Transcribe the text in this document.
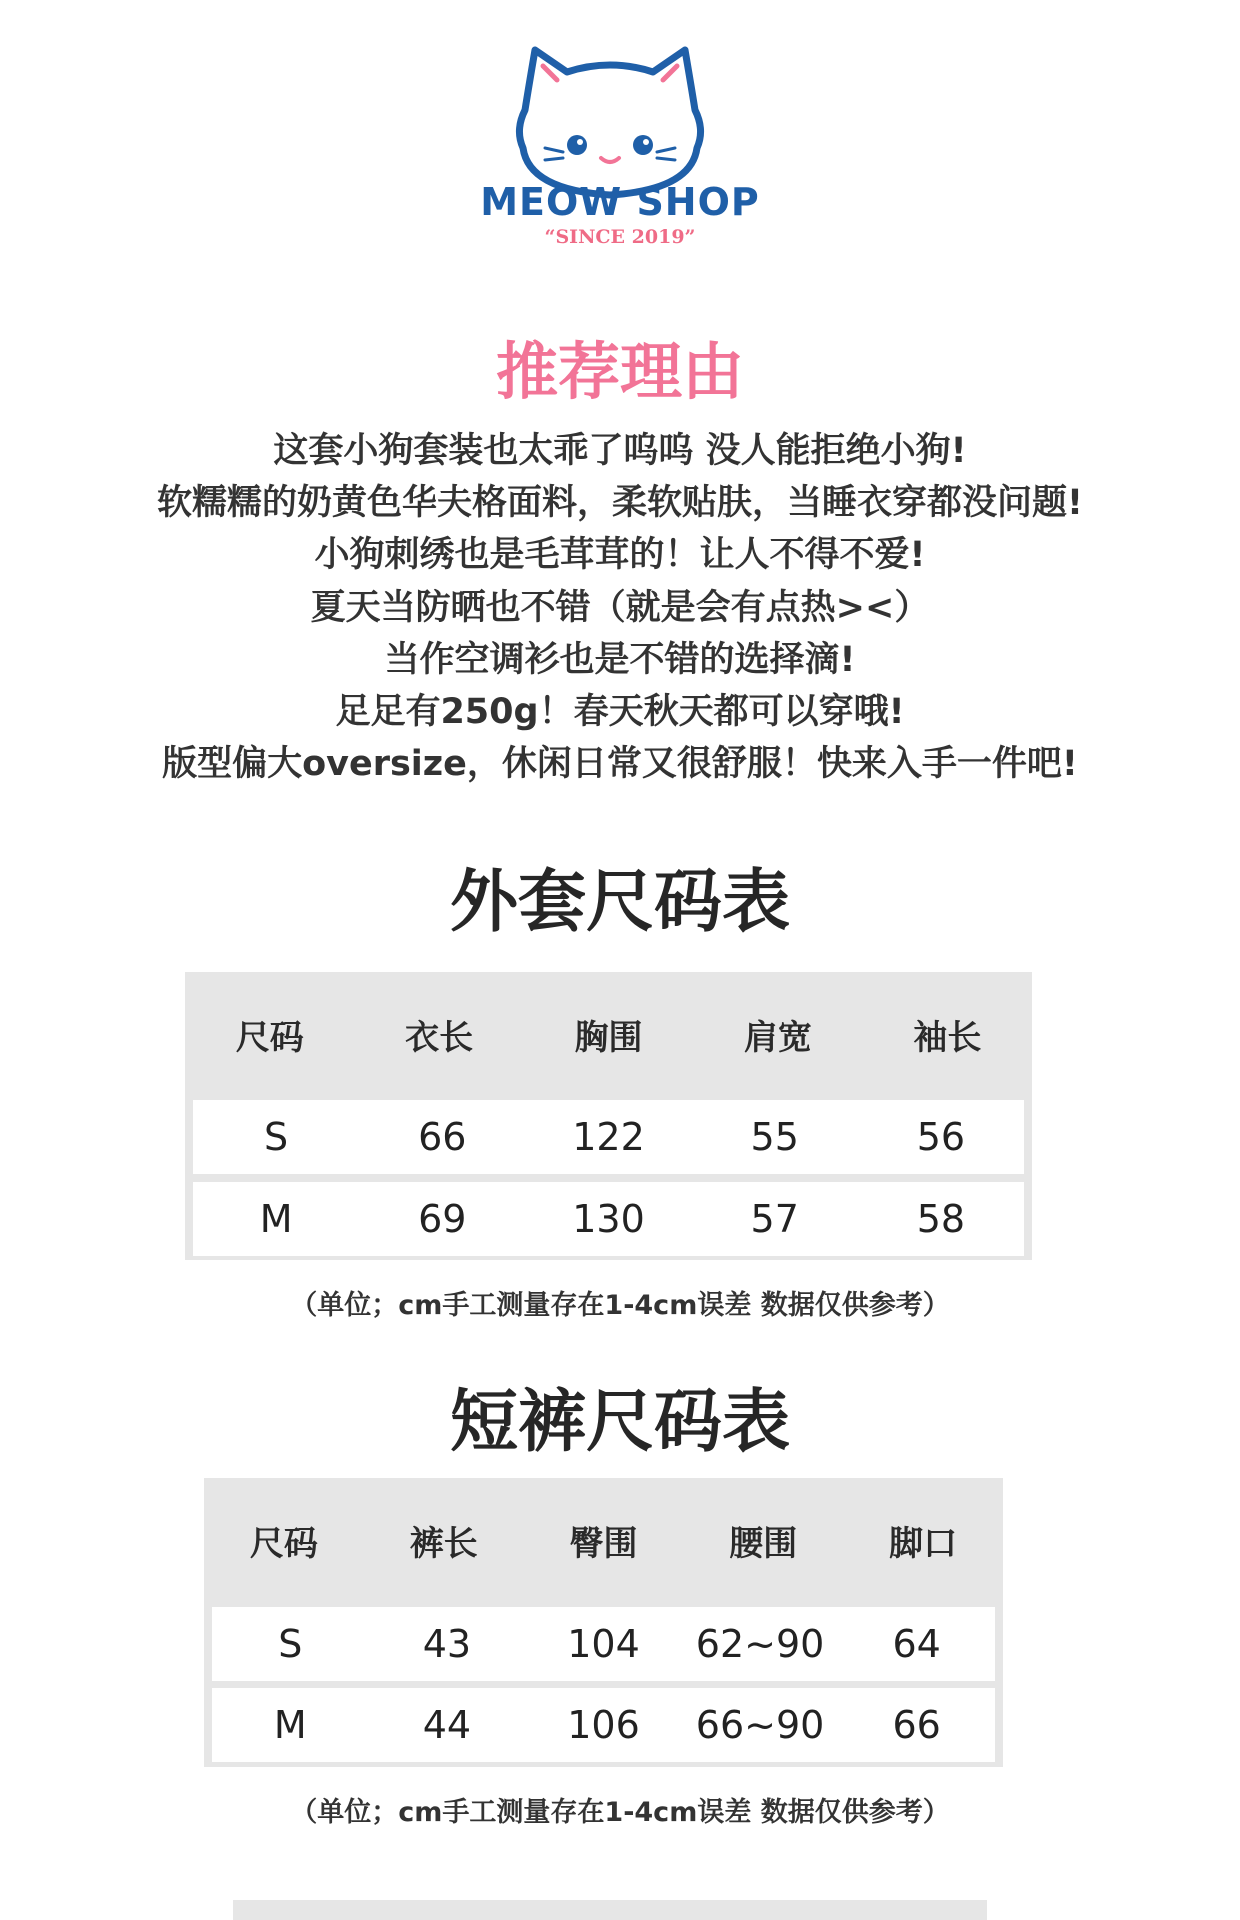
MEOW SHOP
“SINCE 2019”
推荐理由

这套小狗套装也太乖了呜呜 没人能拒绝小狗!

软糯糯的奶黄色华夫格面料，柔软贴肤，当睡衣穿都没问题!

小狗刺绣也是毛茸茸的！让人不得不爱!

夏天当防晒也不错（就是会有点热><）

当作空调衫也是不错的选择滴!

足足有250g！春天秋天都可以穿哦!

版型偏大oversize，休闲日常又很舒服！快来入手一件吧!

外套尺码表
尺码	衣长	胸围	肩宽	袖长
S	66	122	55	56
M	69	130	57	58
（单位；cm手工测量存在1-4cm误差 数据仅供参考）
短裤尺码表
尺码	裤长	臀围	腰围	脚口
S	43	104	62~90	64
M	44	106	66~90	66
（单位；cm手工测量存在1-4cm误差 数据仅供参考）
